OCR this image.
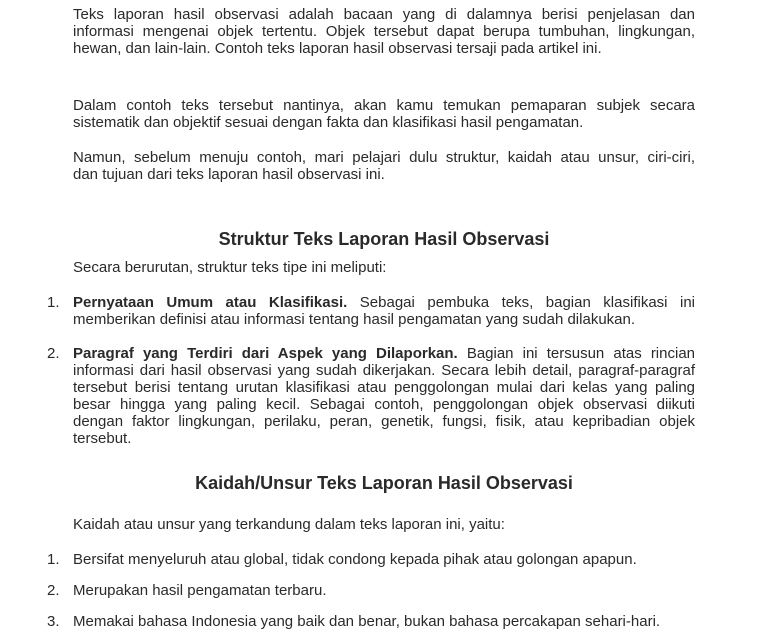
Teks laporan hasil observasi adalah bacaan yang di dalamnya berisi penjelasan dan
informasi mengenai objek tertentu. Objek tersebut dapat berupa tumbuhan, lingkungan,
hewan, dan lain-lain. Contoh teks laporan hasil observasi tersaji pada artikel ini.
Dalam contoh teks tersebut nantinya, akan kamu temukan pemaparan subjek secara
sistematik dan objektif sesuai dengan fakta dan klasifikasi hasil pengamatan.
Namun, sebelum menuju contoh, mari pelajari dulu struktur, kaidah atau unsur, ciri-ciri,
dan tujuan dari teks laporan hasil observasi ini.
Struktur Teks Laporan Hasil Observasi

Secara berurutan, struktur teks tipe ini meliputi:

1. Pernyataan Umum atau Klasifikasi. Sebagai pembuka teks, bagian klasifikasi ini
memberikan definisi atau informasi tentang hasil pengamatan yang sudah dilakukan.

2. Paragraf yang Terdiri dari Aspek yang Dilaporkan. Bagian ini tersusun atas rincian
informasi dari hasil observasi yang sudah dikerjakan. Secara lebih detail, paragraf-paragraf
tersebut berisi tentang urutan klasifikasi atau penggolongan mulai dari kelas yang paling
besar hingga yang paling kecil. Sebagai contoh, penggolongan objek observasi diikuti
dengan faktor lingkungan, perilaku, peran, genetik, fungsi, fisik, atau kepribadian objek
tersebut.
Kaidah/Unsur Teks Laporan Hasil Observasi

Kaidah atau unsur yang terkandung dalam teks laporan ini, yaitu:

1. Bersifat menyeluruh atau global, tidak condong kepada pihak atau golongan apapun.

2. Merupakan hasil pengamatan terbaru.

3. Memakai bahasa Indonesia yang baik dan benar, bukan bahasa percakapan sehari-hari.
